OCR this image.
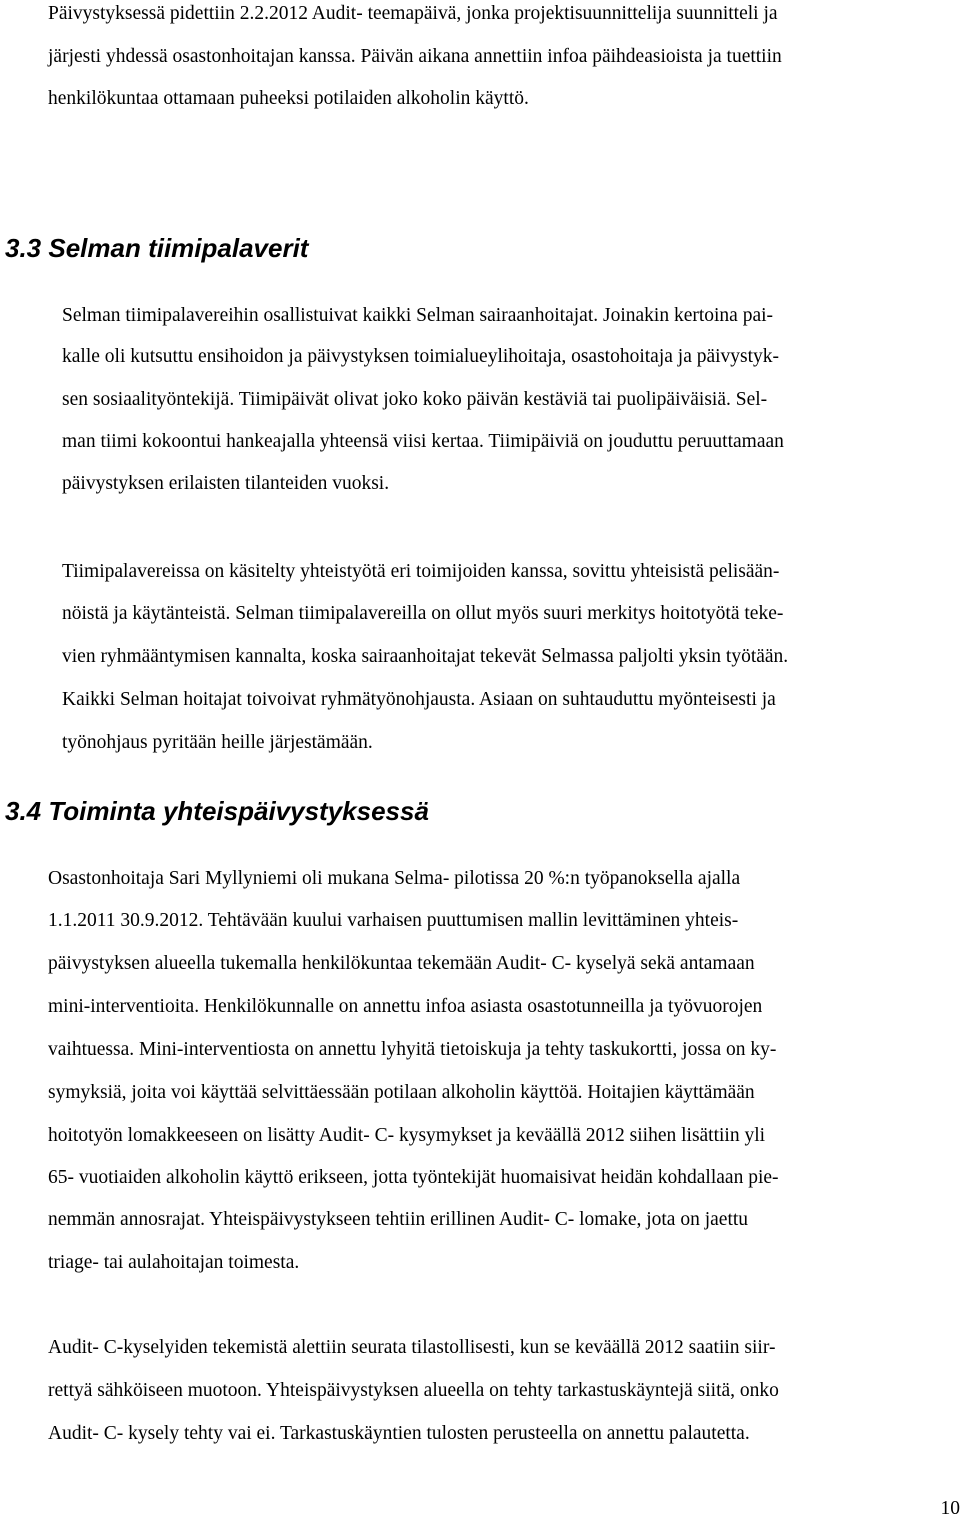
Päivystyksessä pidettiin 2.2.2012 Audit- teemapäivä, jonka projektisuunnittelija suunnitteli ja

järjesti yhdessä osastonhoitajan kanssa. Päivän aikana annettiin infoa päihdeasioista ja tuettiin

henkilökuntaa ottamaan puheeksi potilaiden alkoholin käyttö.

3.3 Selman tiimipalaverit

Selman tiimipalavereihin osallistuivat kaikki Selman sairaanhoitajat. Joinakin kertoina pai-

kalle oli kutsuttu ensihoidon ja päivystyksen toimialueylihoitaja, osastohoitaja ja päivystyk-

sen sosiaalityöntekijä. Tiimipäivät olivat joko koko päivän kestäviä tai puolipäiväisiä. Sel-

man tiimi kokoontui hankeajalla yhteensä viisi kertaa. Tiimipäiviä on jouduttu peruuttamaan

päivystyksen erilaisten tilanteiden vuoksi.

Tiimipalavereissa on käsitelty yhteistyötä eri toimijoiden kanssa, sovittu yhteisistä pelisään-

nöistä ja käytänteistä. Selman tiimipalavereilla on ollut myös suuri merkitys hoitotyötä teke-

vien ryhmääntymisen kannalta, koska sairaanhoitajat tekevät Selmassa paljolti yksin työtään.

Kaikki Selman hoitajat toivoivat ryhmätyönohjausta. Asiaan on suhtauduttu myönteisesti ja

työnohjaus pyritään heille järjestämään.

3.4 Toiminta yhteispäivystyksessä

Osastonhoitaja Sari Myllyniemi oli mukana Selma- pilotissa 20 %:n työpanoksella ajalla

1.1.2011 30.9.2012. Tehtävään kuului varhaisen puuttumisen mallin levittäminen yhteis-

päivystyksen alueella tukemalla henkilökuntaa tekemään Audit- C- kyselyä sekä antamaan

mini-interventioita. Henkilökunnalle on annettu infoa asiasta osastotunneilla ja työvuorojen

vaihtuessa. Mini-interventiosta on annettu lyhyitä tietoiskuja ja tehty taskukortti, jossa on ky-

symyksiä, joita voi käyttää selvittäessään potilaan alkoholin käyttöä. Hoitajien käyttämään

hoitotyön lomakkeeseen on lisätty Audit- C- kysymykset ja keväällä 2012 siihen lisättiin yli

65- vuotiaiden alkoholin käyttö erikseen, jotta työntekijät huomaisivat heidän kohdallaan pie-

nemmän annosrajat. Yhteispäivystykseen tehtiin erillinen Audit- C- lomake, jota on jaettu

triage- tai aulahoitajan toimesta.

Audit- C-kyselyiden tekemistä alettiin seurata tilastollisesti, kun se keväällä 2012 saatiin siir-

rettyä sähköiseen muotoon. Yhteispäivystyksen alueella on tehty tarkastuskäyntejä siitä, onko

Audit- C- kysely tehty vai ei. Tarkastuskäyntien tulosten perusteella on annettu palautetta.

10
